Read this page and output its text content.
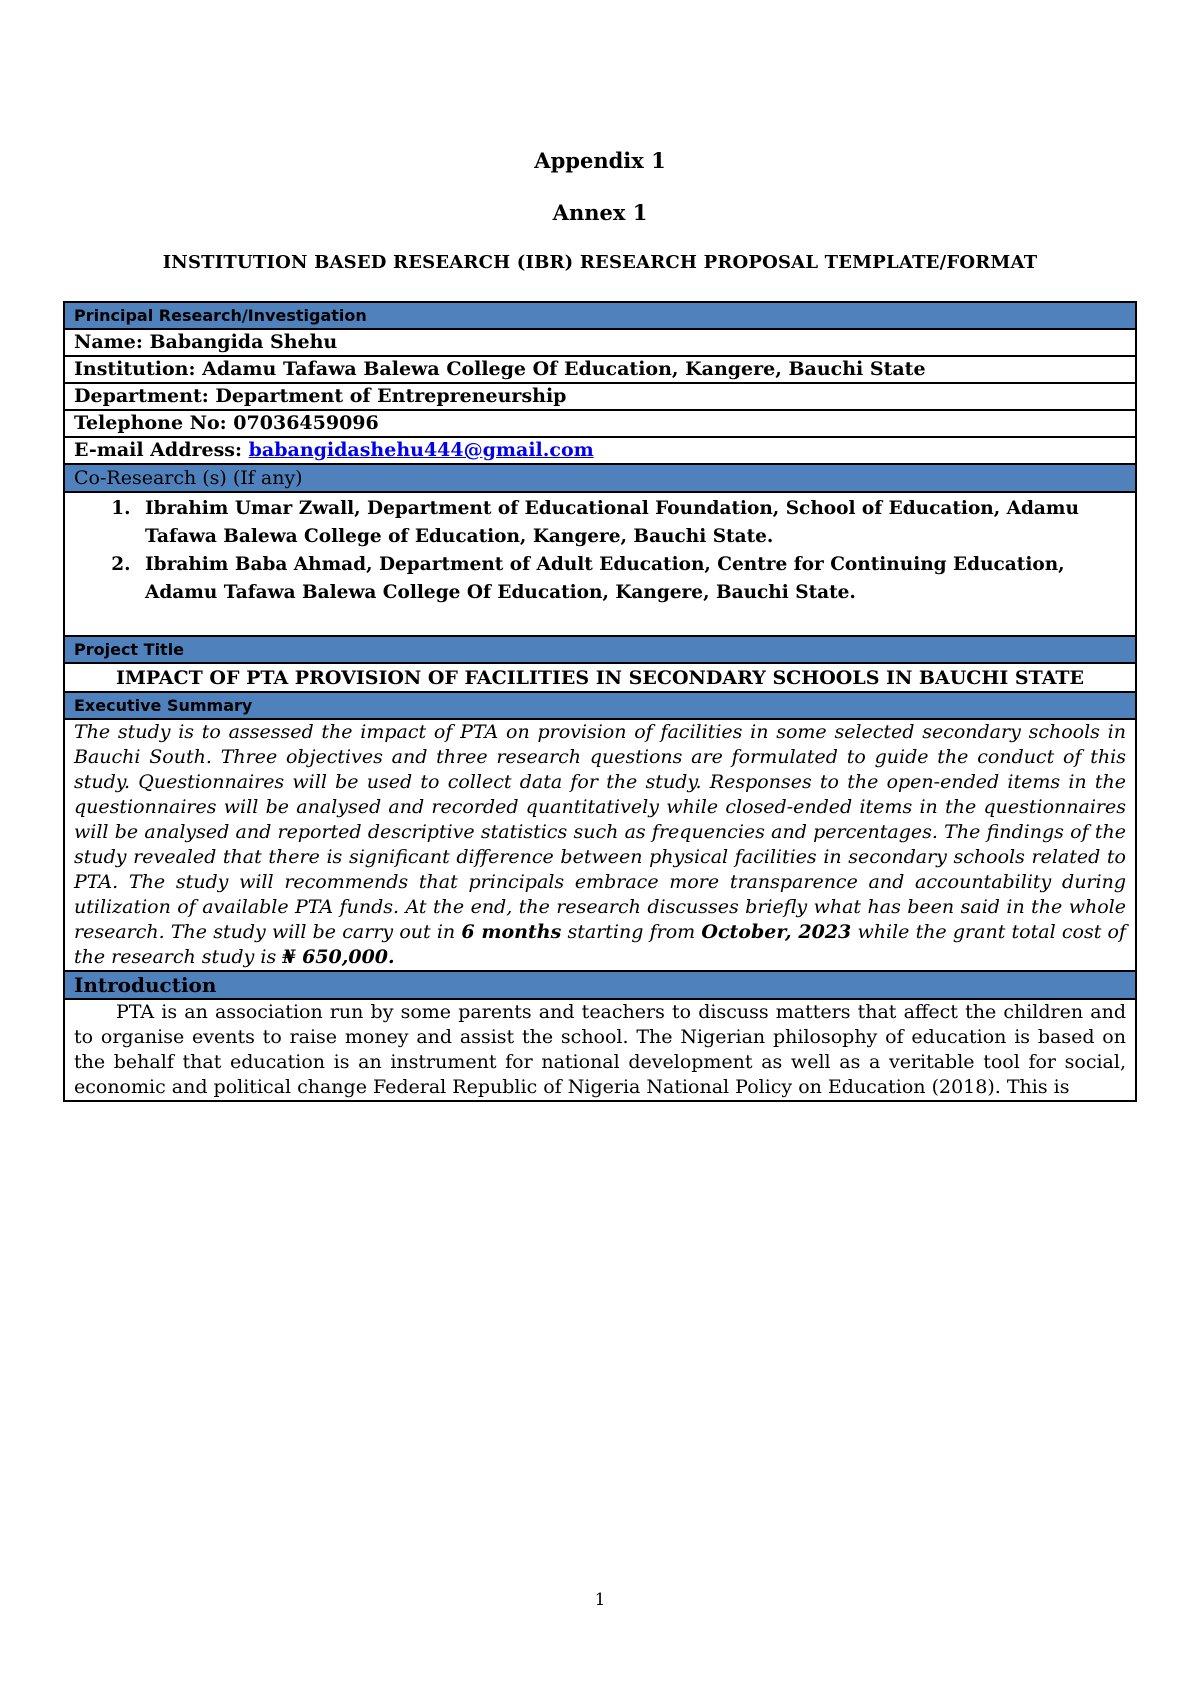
Appendix 1
Annex 1
INSTITUTION BASED RESEARCH (IBR) RESEARCH PROPOSAL TEMPLATE/FORMAT
Principal Research/Investigation
Name: Babangida Shehu
Institution: Adamu Tafawa Balewa College Of Education, Kangere, Bauchi State
Department: Department of Entrepreneurship
Telephone No: 07036459096
E-mail Address: babangidashehu444@gmail.com
Co-Research (s) (If any)

1. Ibrahim Umar Zwall, Department of Educational Foundation, School of Education, Adamu Tafawa Balewa College of Education, Kangere, Bauchi State.
2. Ibrahim Baba Ahmad, Department of Adult Education, Centre for Continuing Education, Adamu Tafawa Balewa College Of Education, Kangere, Bauchi State.

Project Title
IMPACT OF PTA PROVISION OF FACILITIES IN SECONDARY SCHOOLS IN BAUCHI STATE
Executive Summary
The study is to assessed the impact of PTA on provision of facilities in some selected secondary schools in Bauchi South. Three objectives and three research questions are formulated to guide the conduct of this study. Questionnaires will be used to collect data for the study. Responses to the open-ended items in the questionnaires will be analysed and recorded quantitatively while closed-ended items in the questionnaires will be analysed and reported descriptive statistics such as frequencies and percentages. The findings of the study revealed that there is significant difference between physical facilities in secondary schools related to PTA. The study will recommends that principals embrace more transparence and accountability during utilization of available PTA funds. At the end, the research discusses briefly what has been said in the whole research. The study will be carry out in 6 months starting from October, 2023 while the grant total cost of the research study is ₦ 650,000.
Introduction
PTA is an association run by some parents and teachers to discuss matters that affect the children and to organise events to raise money and assist the school. The Nigerian philosophy of education is based on the behalf that education is an instrument for national development as well as a veritable tool for social, economic and political change Federal Republic of Nigeria National Policy on Education (2018). This is
1
